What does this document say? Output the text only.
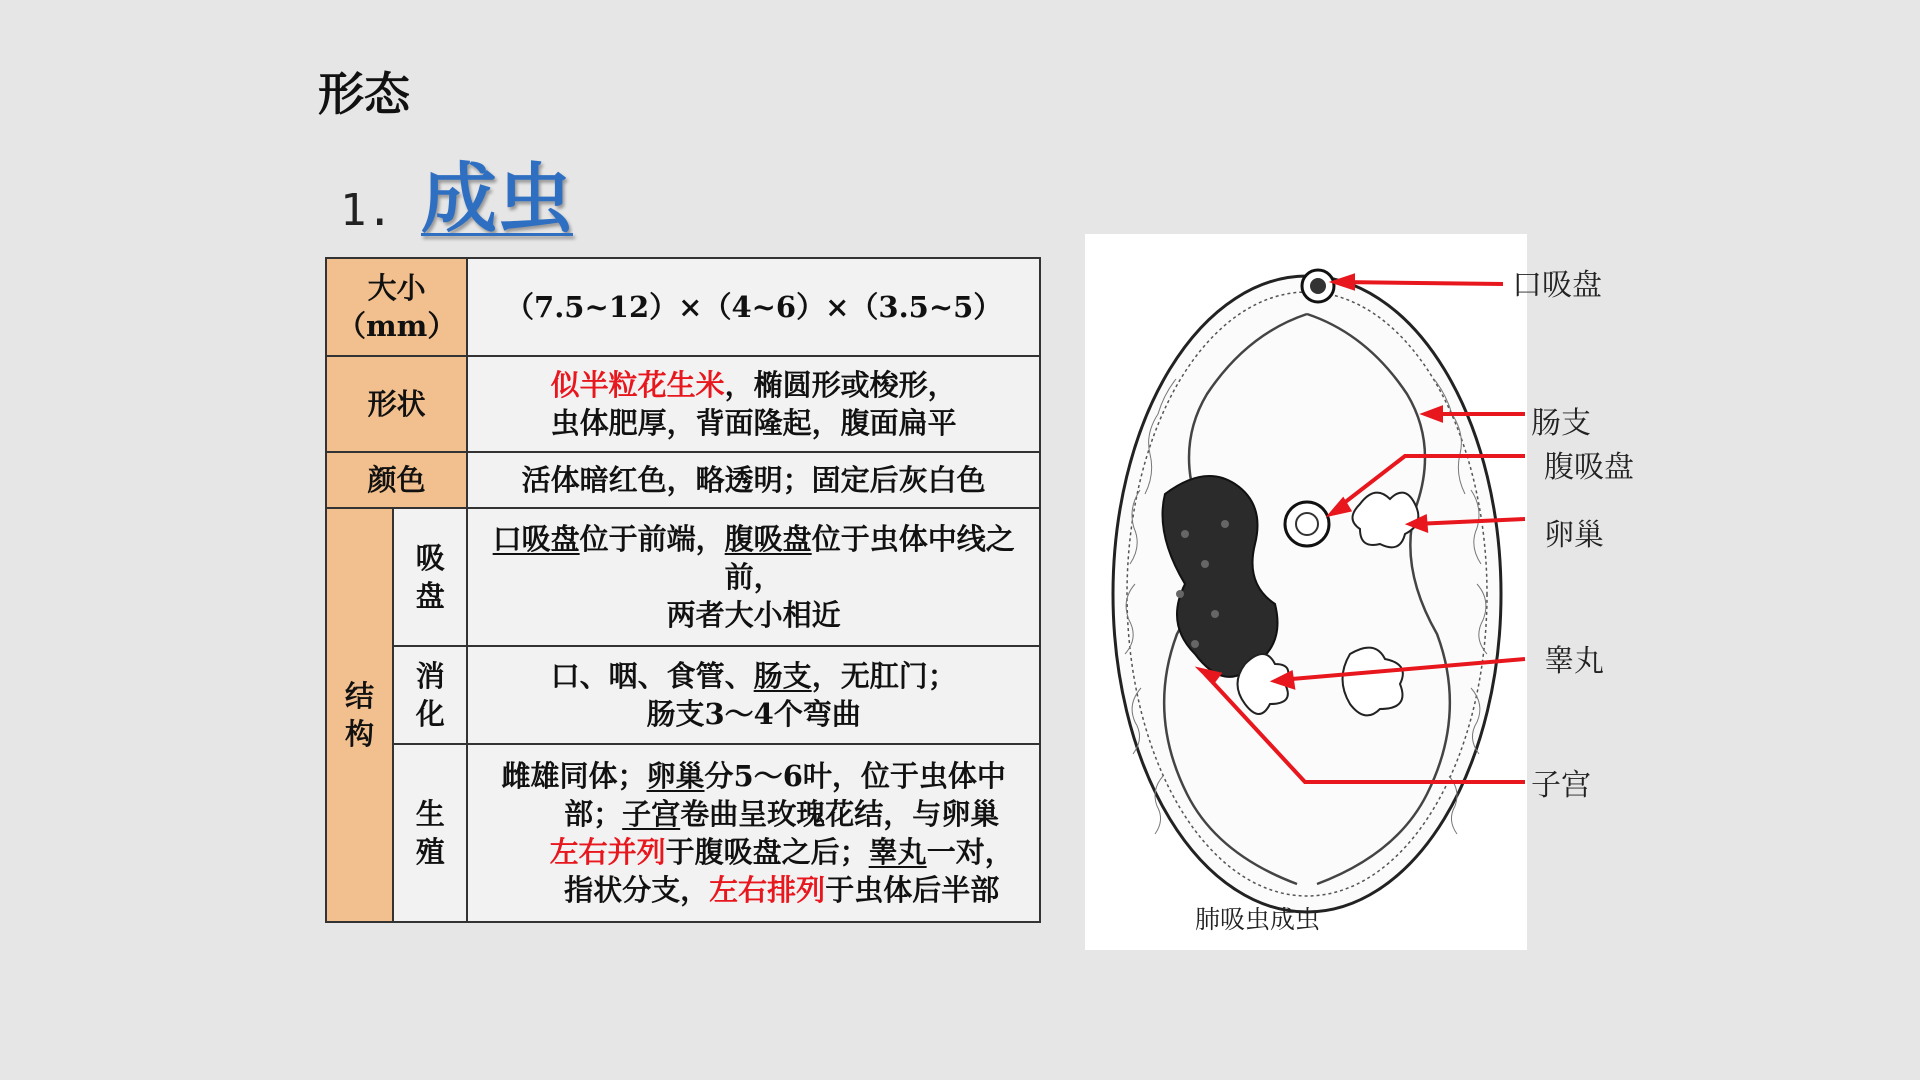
形态
1. 成虫
大小（mm）		（7.5~12）×（4~6）×（3.5~5）
形状		似半粒花生米，椭圆形或梭形，
虫体肥厚，背面隆起，腹面扁平
颜色		活体暗红色，略透明；固定后灰白色
结构	吸盘	口吸盘位于前端，腹吸盘位于虫体中线之前，
两者大小相近
	消化	口、咽、食管、肠支，无肛门；
肠支3～4个弯曲
	生殖	雌雄同体；卵巢分5～6叶，位于虫体中
部；子宫卷曲呈玫瑰花结，与卵巢
左右并列于腹吸盘之后；睾丸一对，
指状分支，左右排列于虫体后半部
肺吸虫成虫
口吸盘
肠支
腹吸盘
卵巢
睾丸
子宫
